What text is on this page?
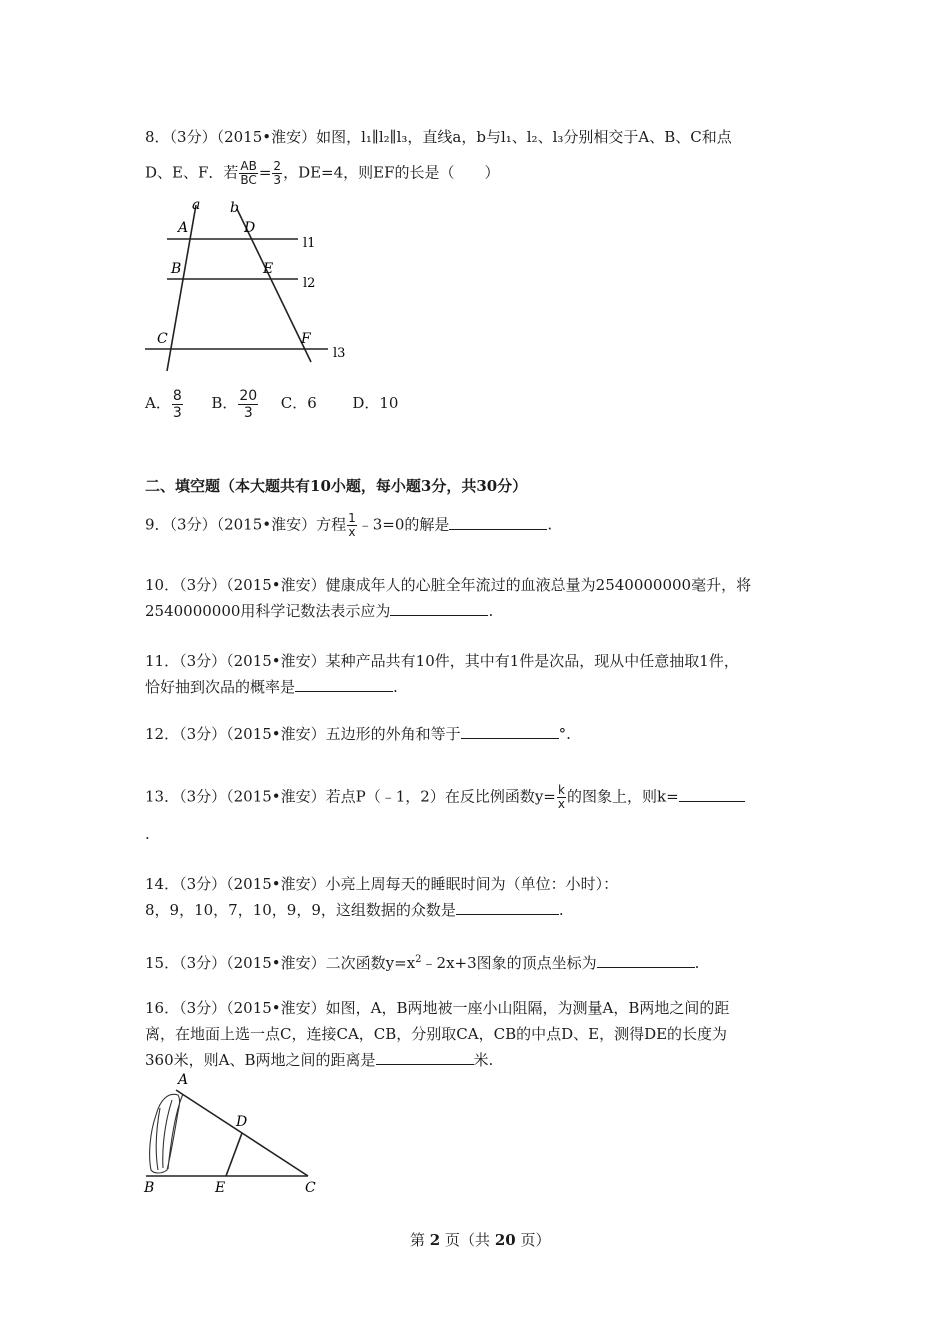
8．（3分）（2015•淮安）如图，l₁∥l₂∥l₃，直线a，b与l₁、l₂、l₃分别相交于A、B、C和点
D、E、F．若 $\frac{AB}{BC} = \frac{2}{3}$ ，DE=4，则EF的长是（　　）
a b
A	D
B	E
C	F
l1
l2
l3
A． $\frac{8}{3}$ B． $\frac{20}{3}$ C．6 D．10
二、填空题（本大题共有10小题，每小题3分，共30分）
9．（3分）（2015•淮安）方程 $\frac{1}{x}$ ﹣3=0的解是	.
10．（3分）（2015•淮安）健康成年人的心脏全年流过的血液总量为2540000000毫升，将
2540000000用科学记数法表示应为	.
11．（3分）（2015•淮安）某种产品共有10件，其中有1件是次品，现从中任意抽取1件，
恰好抽到次品的概率是	.
12．（3分）（2015•淮安）五边形的外角和等于	°.
13．（3分）（2015•淮安）若点P（﹣1，2）在反比例函数$y= \frac{k}{x}$ 的图象上，则k=
.
14．（3分）（2015•淮安）小亮上周每天的睡眠时间为（单位：小时）：
8，9，10，7，10，9，9，这组数据的众数是	.
15．（3分）（2015•淮安）二次函数$y=x^2﹣2x+3$图象的顶点坐标为	.
16．（3分）（2015•淮安）如图，A，B两地被一座小山阻隔，为测量A，B两地之间的距
离，在地面上选一点C，连接CA，CB，分别取CA，CB的中点D、E，测得DE的长度为
360米，则A、B两地之间的距离是	米.
A
D
B	E	C
第 2 页（共 20 页）
